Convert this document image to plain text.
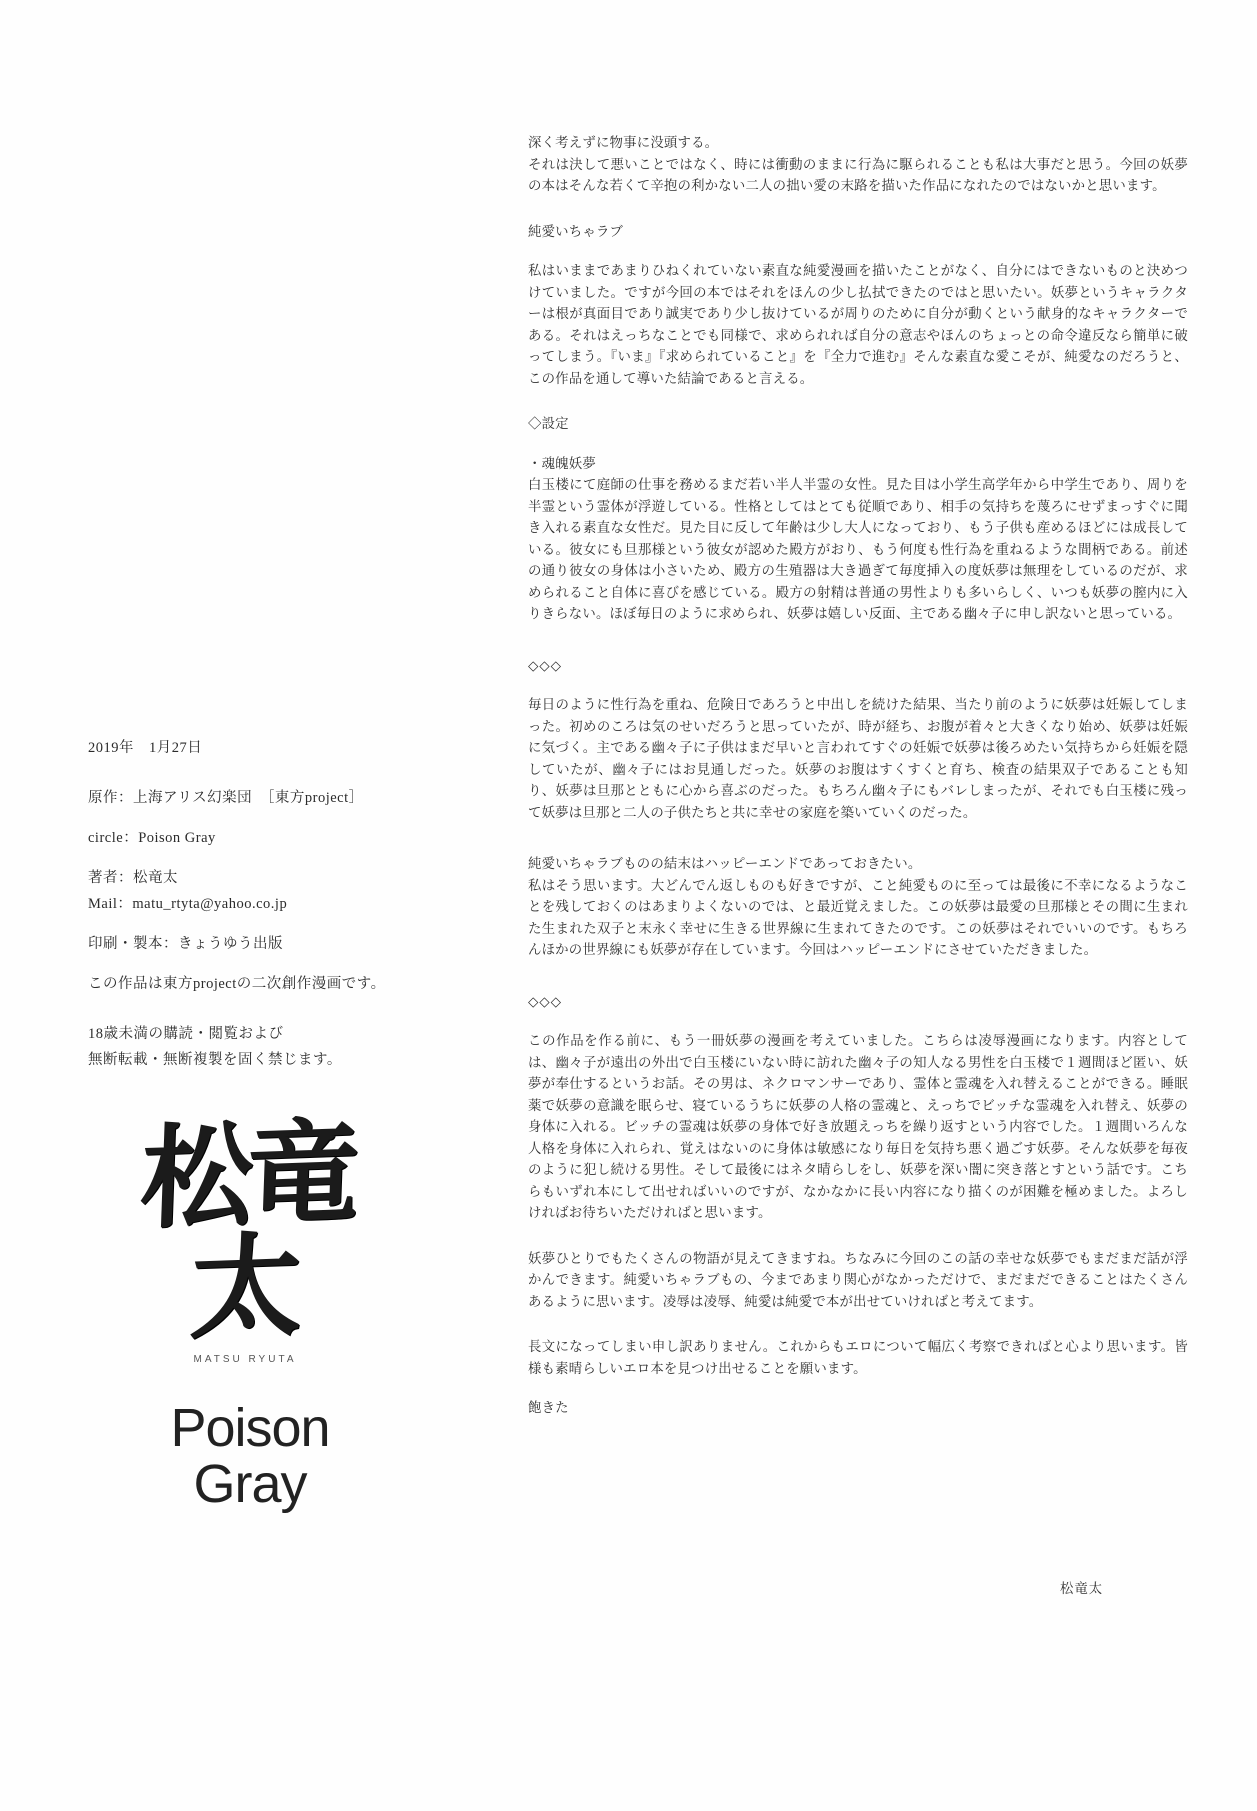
2019年　1月27日
原作：上海アリス幻楽団　［東方project］
circle：Poison Gray
著者：松竜太
Mail：matu_rtyta@yahoo.co.jp
印刷・製本：きょうゆう出版
この作品は東方projectの二次創作漫画です。
18歳未満の購読・閲覧および
無断転載・無断複製を固く禁じます。
松竜太
MATSU RYUTA
Poison
Gray

深く考えずに物事に没頭する。

それは決して悪いことではなく、時には衝動のままに行為に駆られることも私は大事だと思う。今回の妖夢の本はそんな若くて辛抱の利かない二人の拙い愛の末路を描いた作品になれたのではないかと思います。

純愛いちゃラブ

私はいままであまりひねくれていない素直な純愛漫画を描いたことがなく、自分にはできないものと決めつけていました。ですが今回の本ではそれをほんの少し払拭できたのではと思いたい。妖夢というキャラクターは根が真面目であり誠実であり少し抜けているが周りのために自分が動くという献身的なキャラクターである。それはえっちなことでも同様で、求められれば自分の意志やほんのちょっとの命令違反なら簡単に破ってしまう。『いま』『求められていること』を『全力で進む』そんな素直な愛こそが、純愛なのだろうと、この作品を通して導いた結論であると言える。

◇設定
・魂魄妖夢

白玉楼にて庭師の仕事を務めるまだ若い半人半霊の女性。見た目は小学生高学年から中学生であり、周りを半霊という霊体が浮遊している。性格としてはとても従順であり、相手の気持ちを蔑ろにせずまっすぐに聞き入れる素直な女性だ。見た目に反して年齢は少し大人になっており、もう子供も産めるほどには成長している。彼女にも旦那様という彼女が認めた殿方がおり、もう何度も性行為を重ねるような間柄である。前述の通り彼女の身体は小さいため、殿方の生殖器は大き過ぎて毎度挿入の度妖夢は無理をしているのだが、求められること自体に喜びを感じている。殿方の射精は普通の男性よりも多いらしく、いつも妖夢の膣内に入りきらない。ほぼ毎日のように求められ、妖夢は嬉しい反面、主である幽々子に申し訳ないと思っている。

◇◇◇

毎日のように性行為を重ね、危険日であろうと中出しを続けた結果、当たり前のように妖夢は妊娠してしまった。初めのころは気のせいだろうと思っていたが、時が経ち、お腹が着々と大きくなり始め、妖夢は妊娠に気づく。主である幽々子に子供はまだ早いと言われてすぐの妊娠で妖夢は後ろめたい気持ちから妊娠を隠していたが、幽々子にはお見通しだった。妖夢のお腹はすくすくと育ち、検査の結果双子であることも知り、妖夢は旦那とともに心から喜ぶのだった。もちろん幽々子にもバレしまったが、それでも白玉楼に残って妖夢は旦那と二人の子供たちと共に幸せの家庭を築いていくのだった。

純愛いちゃラブものの結末はハッピーエンドであっておきたい。

私はそう思います。大どんでん返しものも好きですが、こと純愛ものに至っては最後に不幸になるようなことを残しておくのはあまりよくないのでは、と最近覚えました。この妖夢は最愛の旦那様とその間に生まれた生まれた双子と末永く幸せに生きる世界線に生まれてきたのです。この妖夢はそれでいいのです。もちろんほかの世界線にも妖夢が存在しています。今回はハッピーエンドにさせていただきました。

◇◇◇

この作品を作る前に、もう一冊妖夢の漫画を考えていました。こちらは凌辱漫画になります。内容としては、幽々子が遠出の外出で白玉楼にいない時に訪れた幽々子の知人なる男性を白玉楼で１週間ほど匿い、妖夢が奉仕するというお話。その男は、ネクロマンサーであり、霊体と霊魂を入れ替えることができる。睡眠薬で妖夢の意識を眠らせ、寝ているうちに妖夢の人格の霊魂と、えっちでビッチな霊魂を入れ替え、妖夢の身体に入れる。ビッチの霊魂は妖夢の身体で好き放題えっちを繰り返すという内容でした。１週間いろんな人格を身体に入れられ、覚えはないのに身体は敏感になり毎日を気持ち悪く過ごす妖夢。そんな妖夢を毎夜のように犯し続ける男性。そして最後にはネタ晴らしをし、妖夢を深い闇に突き落とすという話です。こちらもいずれ本にして出せればいいのですが、なかなかに長い内容になり描くのが困難を極めました。よろしければお待ちいただければと思います。

妖夢ひとりでもたくさんの物語が見えてきますね。ちなみに今回のこの話の幸せな妖夢でもまだまだ話が浮かんできます。純愛いちゃラブもの、今まであまり関心がなかっただけで、まだまだできることはたくさんあるように思います。凌辱は凌辱、純愛は純愛で本が出せていければと考えてます。

長文になってしまい申し訳ありません。これからもエロについて幅広く考察できればと心より思います。皆様も素晴らしいエロ本を見つけ出せることを願います。

飽きた
松竜太
